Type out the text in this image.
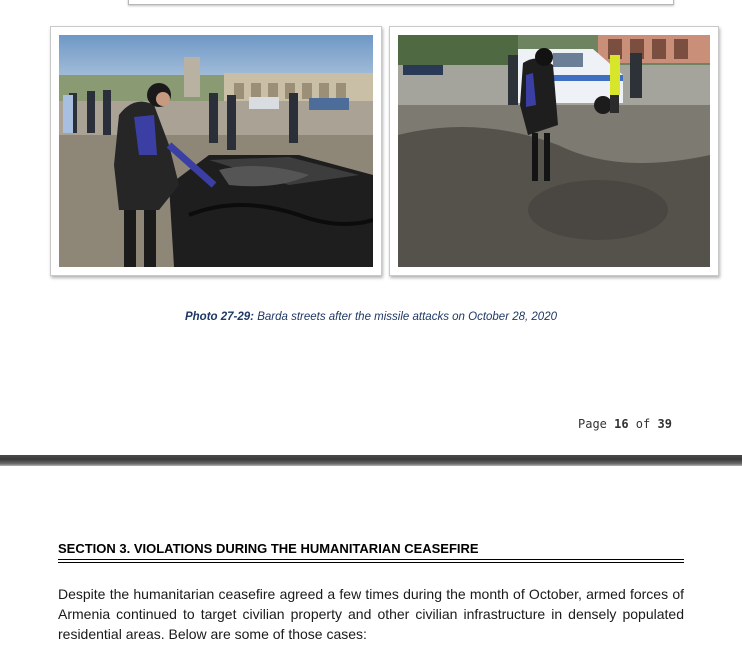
Photo 27-29: Barda streets after the missile attacks on October 28, 2020
Page 16 of 39
SECTION 3. VIOLATIONS DURING THE HUMANITARIAN CEASEFIRE
Despite the humanitarian ceasefire agreed a few times during the month of October, armed forces of Armenia continued to target civilian property and other civilian infrastructure in densely populated residential areas. Below are some of those cases:
